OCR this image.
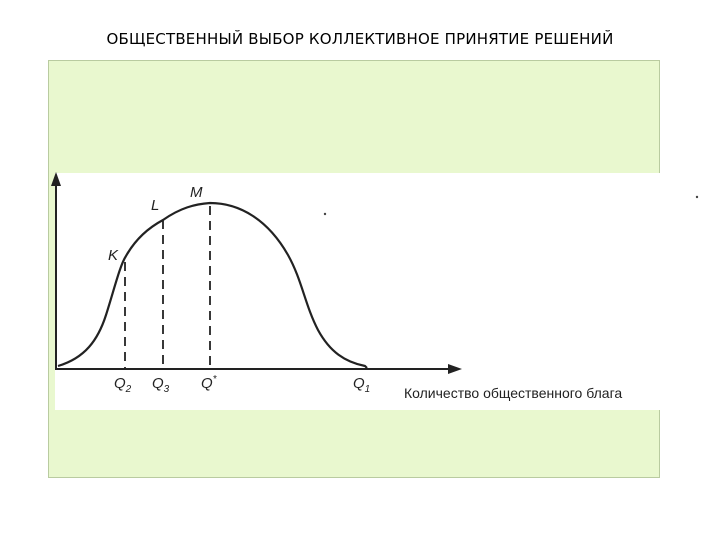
ОБЩЕСТВЕННЫЙ ВЫБОР КОЛЛЕКТИВНОЕ ПРИНЯТИЕ РЕШЕНИЙ
K
L
M
$Q_2$ $Q_3$ Q*	$Q_1$ Количество общественного блага
